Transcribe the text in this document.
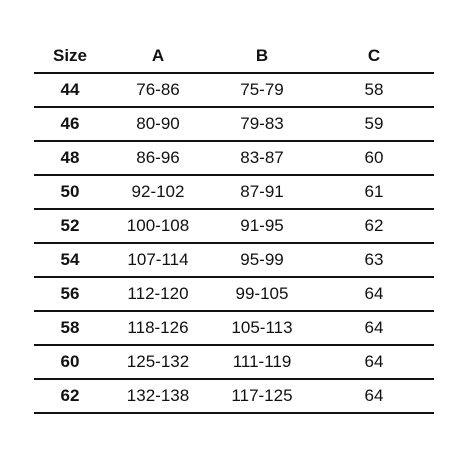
Size	A	B	C
44	76-86	75-79	58
46	80-90	79-83	59
48	86-96	83-87	60
50	92-102	87-91	61
52	100-108	91-95	62
54	107-114	95-99	63
56	112-120	99-105	64
58	118-126	105-113	64
60	125-132	111-119	64
62	132-138	117-125	64
